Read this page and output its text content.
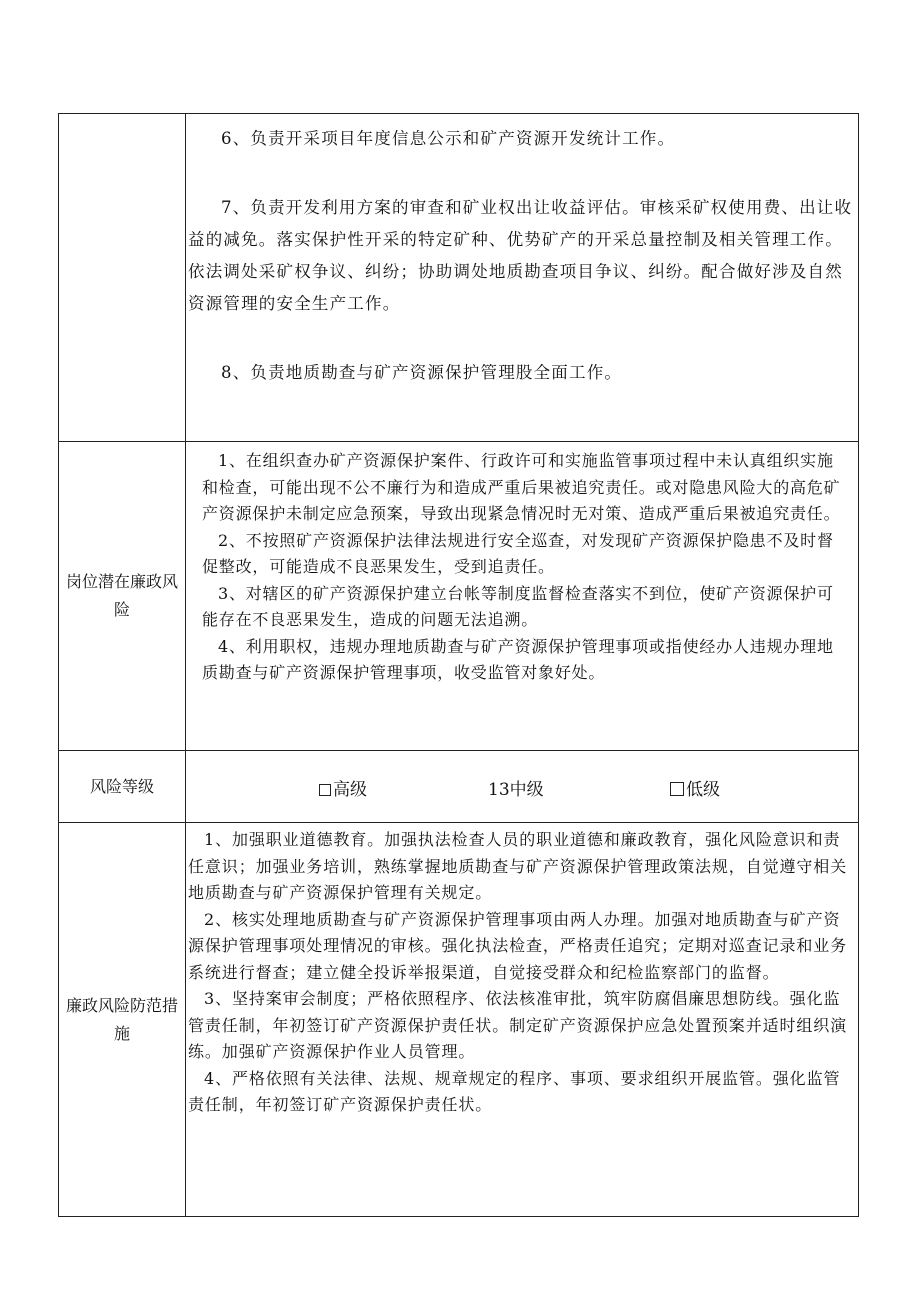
	6、负责开采项目年度信息公示和矿产资源开发统计工作。

7、负责开发利用方案的审查和矿业权出让收益评估。审核采矿权使用费、出让收益的减免。落实保护性开采的特定矿种、优势矿产的开采总量控制及相关管理工作。依法调处采矿权争议、纠纷；协助调处地质勘查项目争议、纠纷。配合做好涉及自然资源管理的安全生产工作。

8、负责地质勘查与矿产资源保护管理股全面工作。

岗位潜在廉政风险	1、在组织查办矿产资源保护案件、行政许可和实施监管事项过程中未认真组织实施和检查，可能出现不公不廉行为和造成严重后果被追究责任。或对隐患风险大的高危矿产资源保护未制定应急预案，导致出现紧急情况时无对策、造成严重后果被追究责任。

2、不按照矿产资源保护法律法规进行安全巡查，对发现矿产资源保护隐患不及时督促整改，可能造成不良恶果发生，受到追责任。

3、对辖区的矿产资源保护建立台帐等制度监督检查落实不到位，使矿产资源保护可能存在不良恶果发生，造成的问题无法追溯。

4、利用职权，违规办理地质勘查与矿产资源保护管理事项或指使经办人违规办理地质勘查与矿产资源保护管理事项，收受监管对象好处。

风险等级	高级 13中级 低级

廉政风险防范措施	1、加强职业道德教育。加强执法检查人员的职业道德和廉政教育，强化风险意识和责任意识；加强业务培训，熟练掌握地质勘查与矿产资源保护管理政策法规，自觉遵守相关地质勘查与矿产资源保护管理有关规定。

2、核实处理地质勘查与矿产资源保护管理事项由两人办理。加强对地质勘查与矿产资源保护管理事项处理情况的审核。强化执法检查，严格责任追究；定期对巡查记录和业务系统进行督查；建立健全投诉举报渠道，自觉接受群众和纪检监察部门的监督。

3、坚持案审会制度；严格依照程序、依法核准审批，筑牢防腐倡廉思想防线。强化监管责任制，年初签订矿产资源保护责任状。制定矿产资源保护应急处置预案并适时组织演练。加强矿产资源保护作业人员管理。

4、严格依照有关法律、法规、规章规定的程序、事项、要求组织开展监管。强化监管责任制，年初签订矿产资源保护责任状。
